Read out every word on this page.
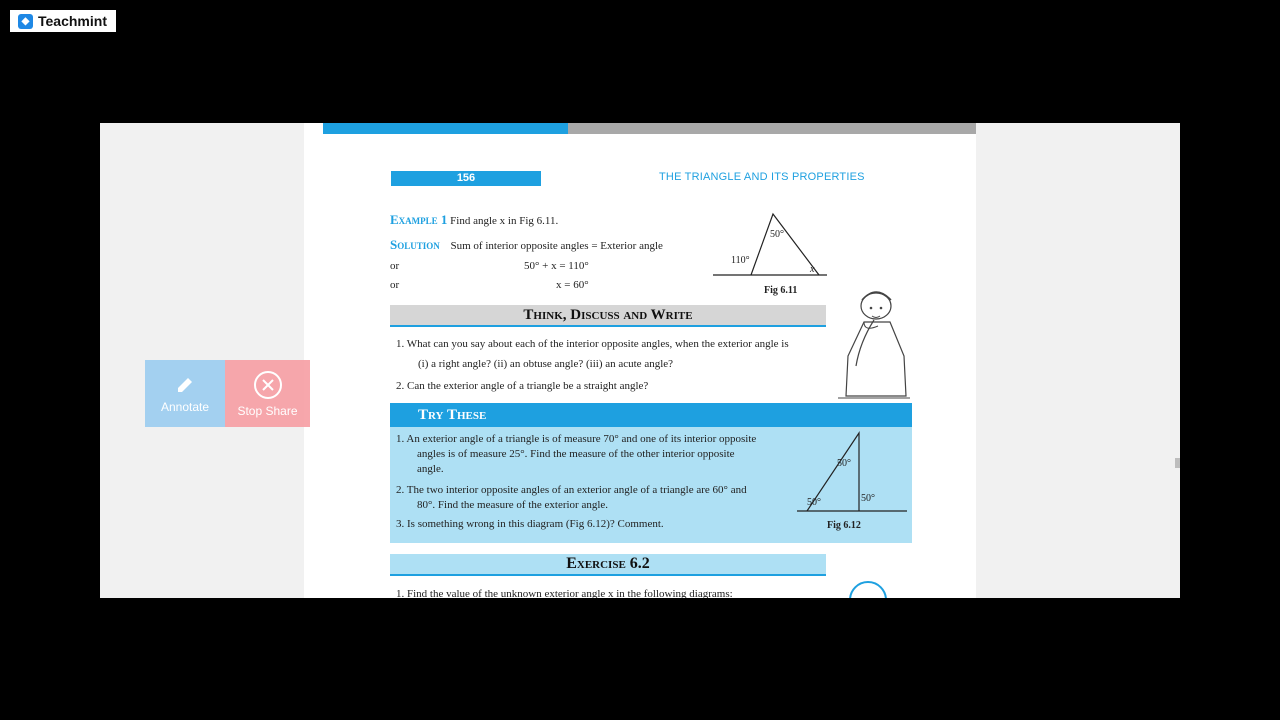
◆ Teachmint
156	THE TRIANGLE AND ITS PROPERTIES
Example 1 Find angle x in Fig 6.11.
Solution Sum of interior opposite angles = Exterior angle
or	50° + x = 110°
or	x = 60°
50°
110°
x
Fig 6.11
Think, Discuss and Write
1. What can you say about each of the interior opposite angles, when the exterior angle is
(i) a right angle? (ii) an obtuse angle? (iii) an acute angle?
2. Can the exterior angle of a triangle be a straight angle?
Try These
1. An exterior angle of a triangle is of measure 70° and one of its interior opposite
angles is of measure 25°. Find the measure of the other interior opposite
angle.
2. The two interior opposite angles of an exterior angle of a triangle are 60° and
80°. Find the measure of the exterior angle.
3. Is something wrong in this diagram (Fig 6.12)? Comment.
50°
50°	50°
Fig 6.12
Exercise 6.2
1. Find the value of the unknown exterior angle x in the following diagrams:
Annotate Stop Share
